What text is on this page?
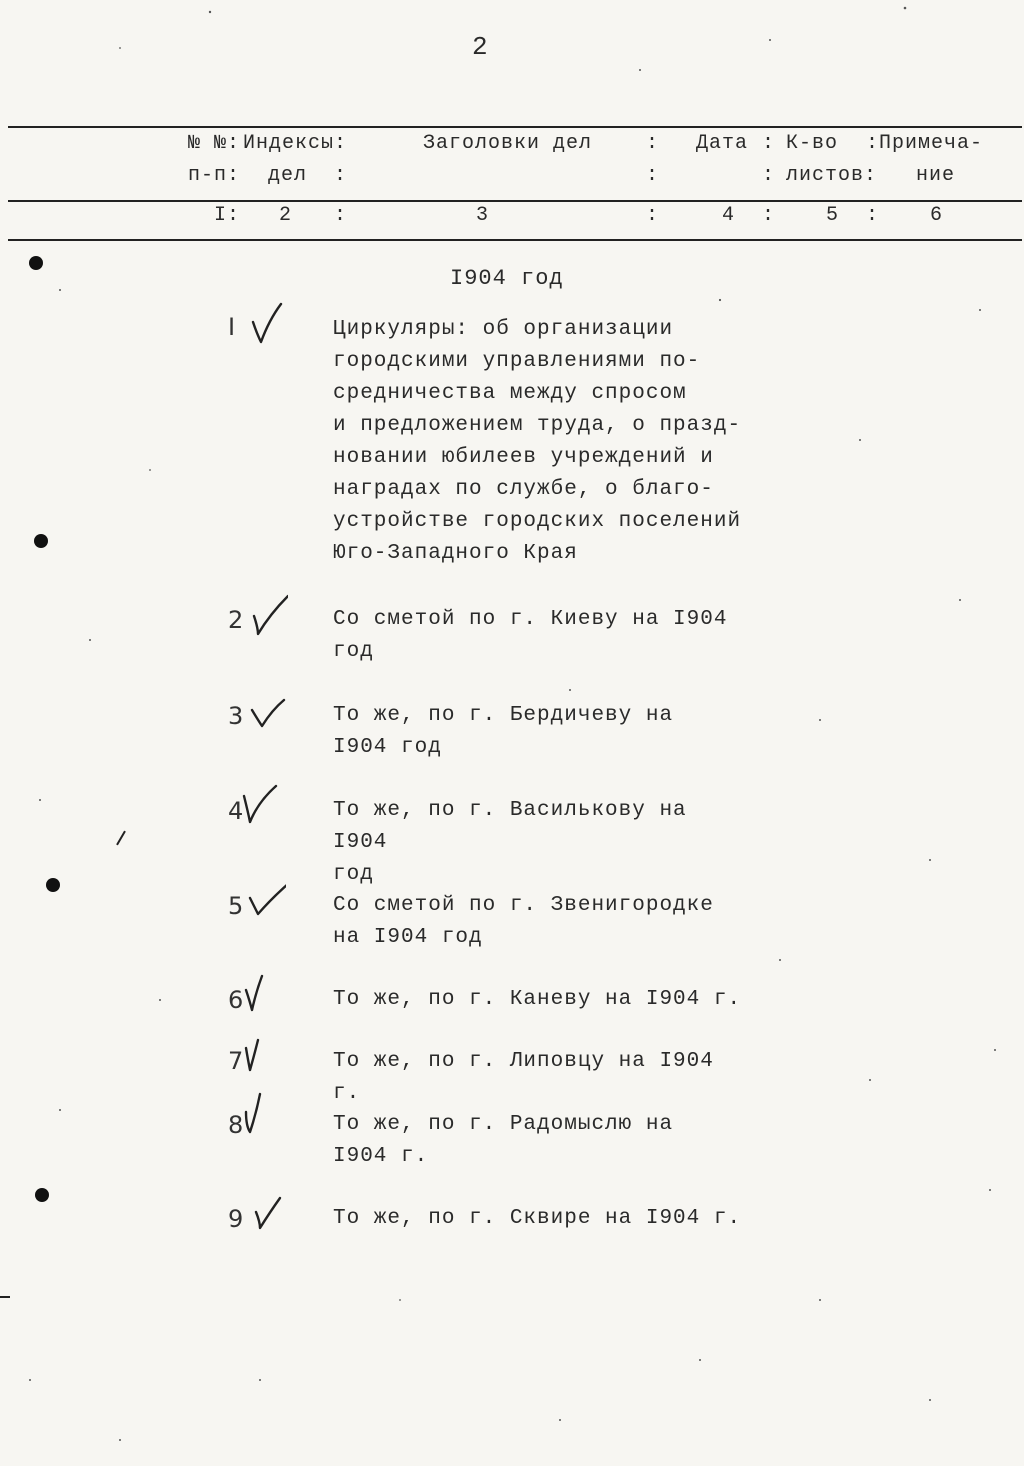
2
№ №: Индексы:	Заголовки дел	: Дата : К-во :Примеча-
п-п: дел :	:	: листов: ние
I: 2 :	3	:	4 :	5 :	6
I904 год
I	Циркуляры: об организации
городскими управлениями по-
средничества между спросом
и предложением труда, о празд-
новании юбилеев учреждений и
наградах по службе, о благо-
устройстве городских поселений
Юго-Западного Края
2	Со сметой по г. Киеву на I904
год
3	То же, по г. Бердичеву на
I904 год
4	То же, по г. Василькову на I904
год
5	Со сметой по г. Звенигородке
на I904 год
6	То же, по г. Каневу на I904 г.
7	То же, по г. Липовцу на I904 г.
8	То же, по г. Радомыслю на
I904 г.
9	То же, по г. Сквире на I904 г.
